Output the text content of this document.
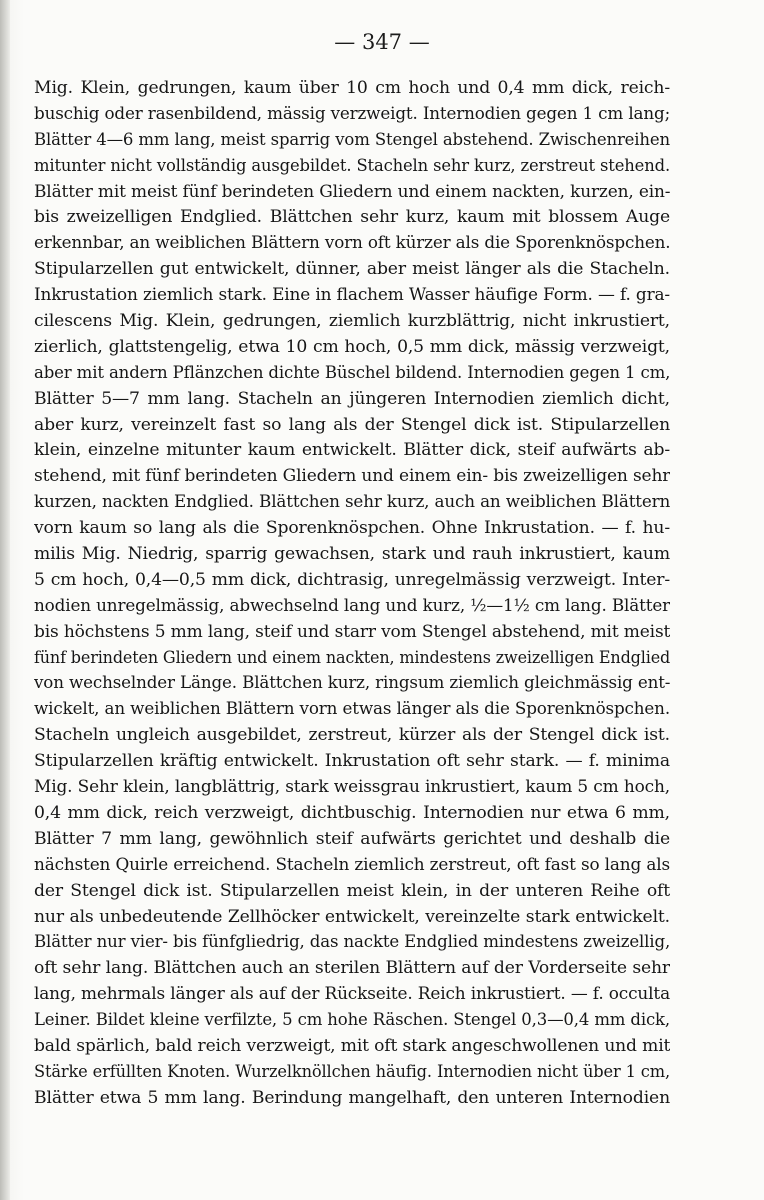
— 347 —

Mig. Klein, gedrungen, kaum über 10 cm hoch und 0,4 mm dick, reich-
buschig oder rasenbildend, mässig verzweigt. Internodien gegen 1 cm lang;
Blätter 4—6 mm lang, meist sparrig vom Stengel abstehend. Zwischenreihen
mitunter nicht vollständig ausgebildet. Stacheln sehr kurz, zerstreut stehend.
Blätter mit meist fünf berindeten Gliedern und einem nackten, kurzen, ein-
bis zweizelligen Endglied. Blättchen sehr kurz, kaum mit blossem Auge
erkennbar, an weiblichen Blättern vorn oft kürzer als die Sporenknöspchen.
Stipularzellen gut entwickelt, dünner, aber meist länger als die Stacheln.
Inkrustation ziemlich stark. Eine in flachem Wasser häufige Form. — f. gra-
cilescens Mig. Klein, gedrungen, ziemlich kurzblättrig, nicht inkrustiert,
zierlich, glattstengelig, etwa 10 cm hoch, 0,5 mm dick, mässig verzweigt,
aber mit andern Pflänzchen dichte Büschel bildend. Internodien gegen 1 cm,
Blätter 5—7 mm lang. Stacheln an jüngeren Internodien ziemlich dicht,
aber kurz, vereinzelt fast so lang als der Stengel dick ist. Stipularzellen
klein, einzelne mitunter kaum entwickelt. Blätter dick, steif aufwärts ab-
stehend, mit fünf berindeten Gliedern und einem ein- bis zweizelligen sehr
kurzen, nackten Endglied. Blättchen sehr kurz, auch an weiblichen Blättern
vorn kaum so lang als die Sporenknöspchen. Ohne Inkrustation. — f. hu-
milis Mig. Niedrig, sparrig gewachsen, stark und rauh inkrustiert, kaum
5 cm hoch, 0,4—0,5 mm dick, dichtrasig, unregelmässig verzweigt. Inter-
nodien unregelmässig, abwechselnd lang und kurz, ½—1½ cm lang. Blätter
bis höchstens 5 mm lang, steif und starr vom Stengel abstehend, mit meist
fünf berindeten Gliedern und einem nackten, mindestens zweizelligen Endglied
von wechselnder Länge. Blättchen kurz, ringsum ziemlich gleichmässig ent-
wickelt, an weiblichen Blättern vorn etwas länger als die Sporenknöspchen.
Stacheln ungleich ausgebildet, zerstreut, kürzer als der Stengel dick ist.
Stipularzellen kräftig entwickelt. Inkrustation oft sehr stark. — f. minima
Mig. Sehr klein, langblättrig, stark weissgrau inkrustiert, kaum 5 cm hoch,
0,4 mm dick, reich verzweigt, dichtbuschig. Internodien nur etwa 6 mm,
Blätter 7 mm lang, gewöhnlich steif aufwärts gerichtet und deshalb die
nächsten Quirle erreichend. Stacheln ziemlich zerstreut, oft fast so lang als
der Stengel dick ist. Stipularzellen meist klein, in der unteren Reihe oft
nur als unbedeutende Zellhöcker entwickelt, vereinzelte stark entwickelt.
Blätter nur vier- bis fünfgliedrig, das nackte Endglied mindestens zweizellig,
oft sehr lang. Blättchen auch an sterilen Blättern auf der Vorderseite sehr
lang, mehrmals länger als auf der Rückseite. Reich inkrustiert. — f. occulta
Leiner. Bildet kleine verfilzte, 5 cm hohe Räschen. Stengel 0,3—0,4 mm dick,
bald spärlich, bald reich verzweigt, mit oft stark angeschwollenen und mit
Stärke erfüllten Knoten. Wurzelknöllchen häufig. Internodien nicht über 1 cm,
Blätter etwa 5 mm lang. Berindung mangelhaft, den unteren Internodien
